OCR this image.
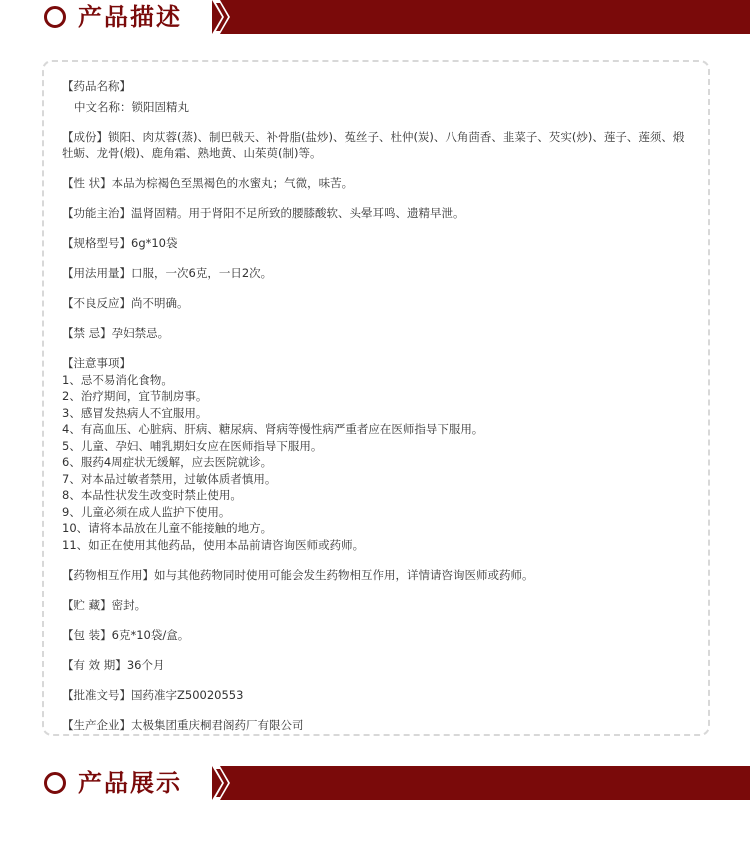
产品描述
【药品名称】
中文名称：锁阳固精丸
【成份】锁阳、肉苁蓉(蒸)、制巴戟天、补骨脂(盐炒)、菟丝子、杜仲(炭)、八角茴香、韭菜子、芡实(炒)、莲子、莲须、煅牡蛎、龙骨(煅)、鹿角霜、熟地黄、山茱萸(制)等。
【性 状】本品为棕褐色至黑褐色的水蜜丸；气微，味苦。
【功能主治】温肾固精。用于肾阳不足所致的腰膝酸软、头晕耳鸣、遗精早泄。
【规格型号】6g*10袋
【用法用量】口服，一次6克，一日2次。
【不良反应】尚不明确。
【禁 忌】孕妇禁忌。
【注意事项】
1、忌不易消化食物。
2、治疗期间，宜节制房事。
3、感冒发热病人不宜服用。
4、有高血压、心脏病、肝病、糖尿病、肾病等慢性病严重者应在医师指导下服用。
5、儿童、孕妇、哺乳期妇女应在医师指导下服用。
6、服药4周症状无缓解，应去医院就诊。
7、对本品过敏者禁用，过敏体质者慎用。
8、本品性状发生改变时禁止使用。
9、儿童必须在成人监护下使用。
10、请将本品放在儿童不能接触的地方。
11、如正在使用其他药品，使用本品前请咨询医师或药师。
【药物相互作用】如与其他药物同时使用可能会发生药物相互作用，详情请咨询医师或药师。
【贮 藏】密封。
【包 装】6克*10袋/盒。
【有 效 期】36个月
【批准文号】国药准字Z50020553
【生产企业】太极集团重庆桐君阁药厂有限公司
产品展示
